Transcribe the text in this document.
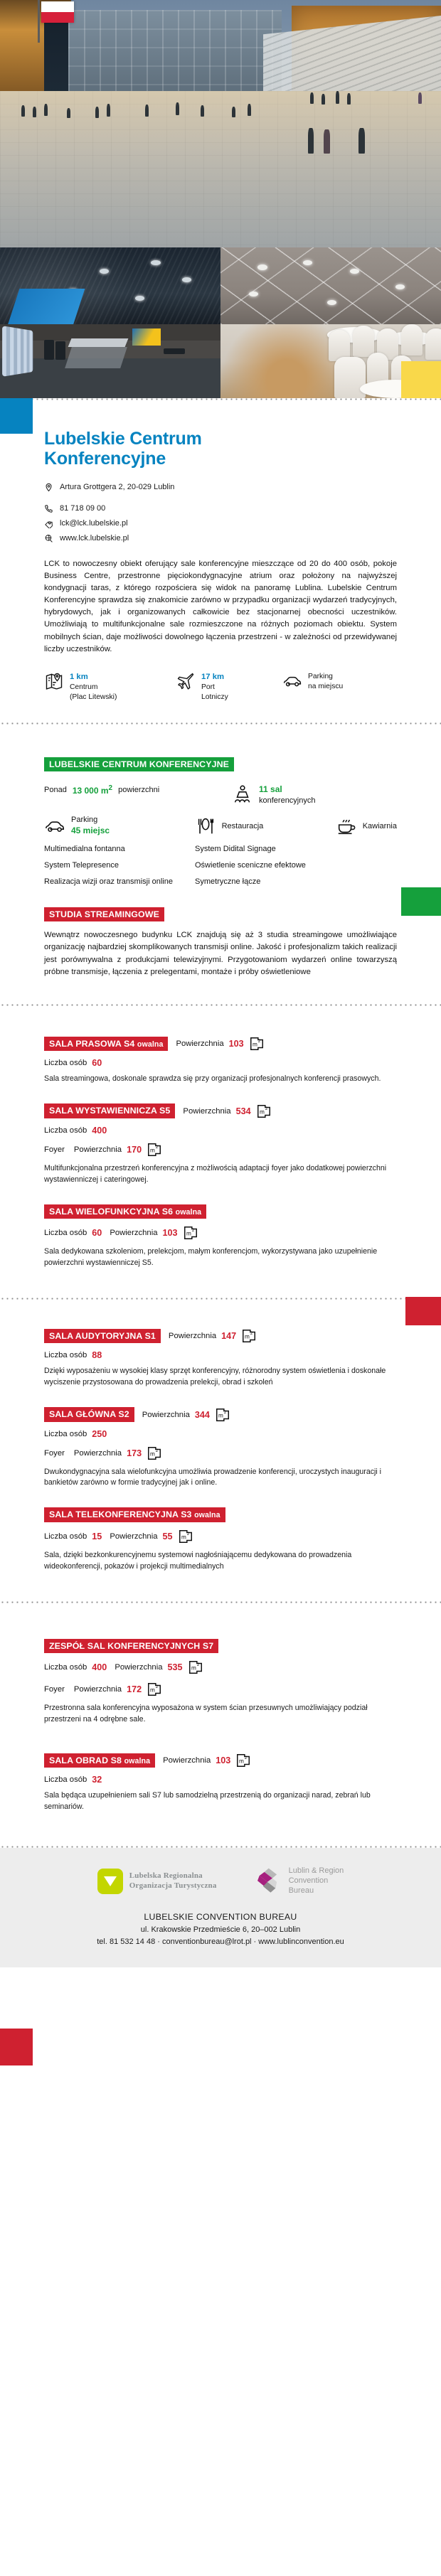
Lubelskie Centrum
Konferencyjne
Artura Grottgera 2, 20-029 Lublin
81 718 09 00
lck@lck.lubelskie.pl
www.lck.lubelskie.pl

LCK to nowoczesny obiekt oferujący sale konferencyjne mieszczące od 20 do 400 osób, pokoje Business Centre, przestronne pięciokondygnacyjne atrium oraz położony na najwyższej kondygnacji taras, z którego rozpościera się widok na panoramę Lublina. Lubelskie Centrum Konferencyjne sprawdza się znakomicie zarówno w przypadku organizacji wydarzeń tradycyjnych, hybrydowych, jak i organizowanych całkowicie bez stacjonarnej obecności uczestników. Umożliwiają to multifunkcjonalne sale rozmieszczone na różnych poziomach obiektu. System mobilnych ścian, daje możliwości dowolnego łączenia przestrzeni - w zależności od przewidywanej liczby uczestników.

1 km
Centrum
(Plac Litewski)
17 km
Port
Lotniczy
Parking
na miejscu
LUBELSKIE CENTRUM KONFERENCYJNE
Ponad 13 000 $m^2$ powierzchni	11 sal
konferencyjnych
Parking
45 miejsc	Restauracja	Kawiarnia
Multimedialna fontanna	System Didital Signage
System Telepresence	Oświetlenie sceniczne efektowe
Realizacja wizji oraz transmisji online	Symetryczne łącze
STUDIA STREAMINGOWE

Wewnątrz nowoczesnego budynku LCK znajdują się aż 3 studia streamingowe umożliwiające organizację najbardziej skomplikowanych transmisji online. Jakość i profesjonalizm takich realizacji jest porównywalna z produkcjami telewizyjnymi. Przygotowaniom wydarzeń online towarzyszą próbne transmisje, łączenia z prelegentami, montaże i próby oświetleniowe

SALA PRASOWA S4 owalna	Powierzchnia 103 m 2
Liczba osób 60
Sala streamingowa, doskonale sprawdza się przy organizacji profesjonalnych konferencji prasowych.
SALA WYSTAWIENNICZA S5	Powierzchnia 534 m 2
Liczba osób 400
Foyer Powierzchnia 170 m 2
Multifunkcjonalna przestrzeń konferencyjna z możliwością adaptacji foyer jako dodatkowej powierzchni wystawienniczej i cateringowej.
SALA WIELOFUNKCYJNA S6 owalna
Liczba osób 60 Powierzchnia 103 m 2
Sala dedykowana szkoleniom, prelekcjom, małym konferencjom, wykorzystywana jako uzupełnienie powierzchni wystawienniczej S5.
SALA AUDYTORYJNA S1	Powierzchnia 147 m 2
Liczba osób 88
Dzięki wyposażeniu w wysokiej klasy sprzęt konferencyjny, różnorodny system oświetlenia i doskonałe wyciszenie przystosowana do prowadzenia prelekcji, obrad i szkoleń
SALA GŁÓWNA S2	Powierzchnia 344 m 2
Liczba osób 250
Foyer Powierzchnia 173 m 2
Dwukondygnacyjna sala wielofunkcyjna umożliwia prowadzenie konferencji, uroczystych inauguracji i bankietów zarówno w formie tradycyjnej jak i online.
SALA TELEKONFERENCYJNA S3 owalna
Liczba osób 15 Powierzchnia 55 m 2
Sala, dzięki bezkonkurencyjnemu systemowi nagłośniającemu dedykowana do prowadzenia wideokonferencji, pokazów i projekcji multimedialnych
ZESPÓŁ SAL KONFERENCYJNYCH S7
Liczba osób 400 Powierzchnia 535 m 2
Foyer Powierzchnia 172 m 2
Przestronna sala konferencyjna wyposażona w system ścian przesuwnych umożliwiający podział przestrzeni na 4 odrębne sale.
SALA OBRAD S8 owalna	Powierzchnia 103 m 2
Liczba osób 32
Sala będąca uzupełnieniem sali S7 lub samodzielną przestrzenią do organizacji narad, zebrań lub seminariów.
Lubelska Regionalna
Organizacja Turystyczna
Lublin & Region
Convention
Bureau
LUBELSKIE CONVENTION BUREAU
ul. Krakowskie Przedmieście 6, 20–002 Lublin
tel. 81 532 14 48 · conventionbureau@lrot.pl · www.lublinconvention.eu
